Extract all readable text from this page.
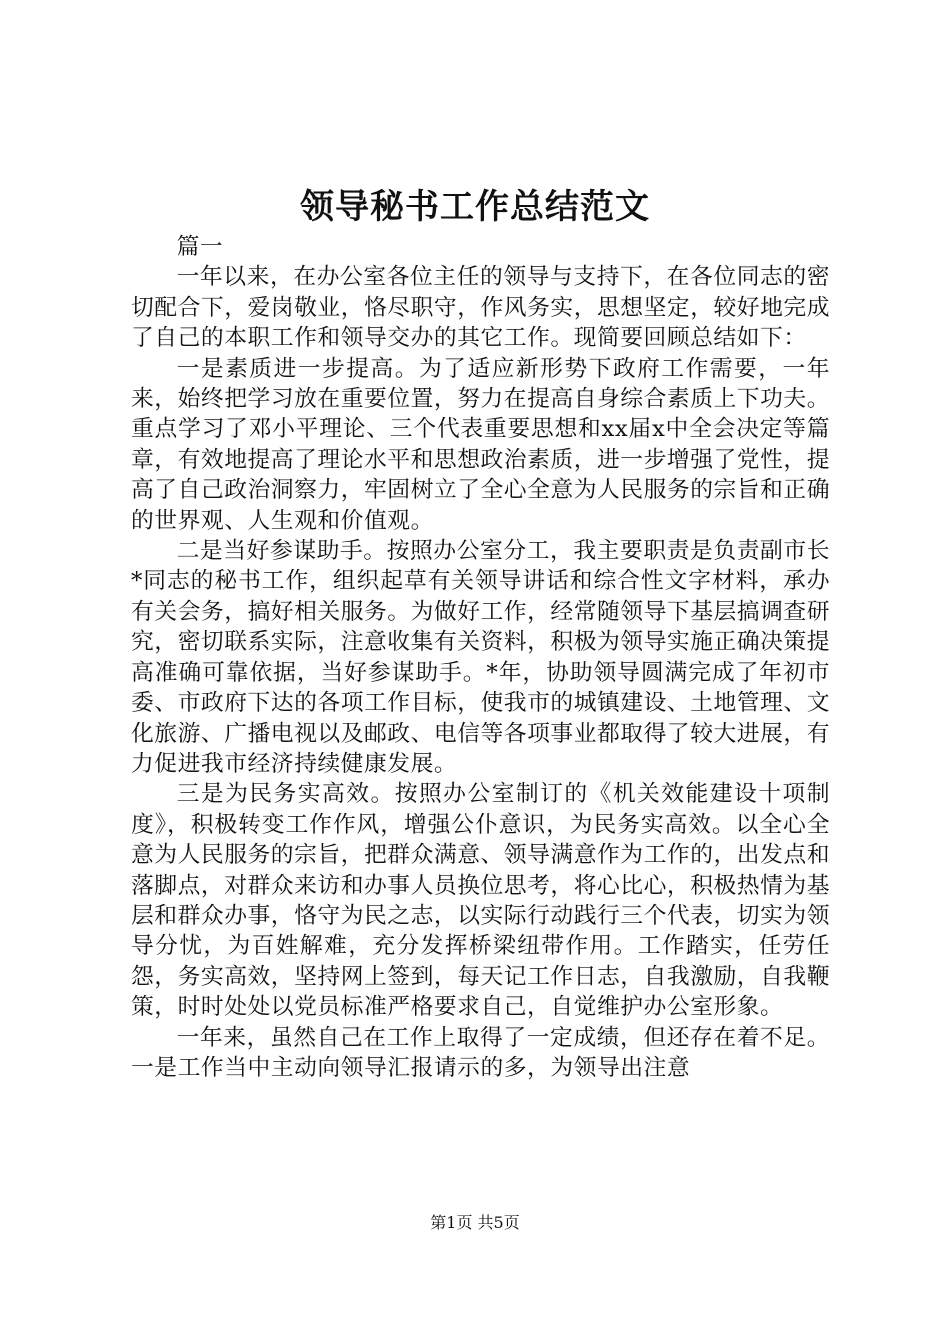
领导秘书工作总结范文

篇一

一年以来，在办公室各位主任的领导与支持下，在各位同志的密切配合下，爱岗敬业，恪尽职守，作风务实，思想坚定，较好地完成了自己的本职工作和领导交办的其它工作。现简要回顾总结如下：

一是素质进一步提高。为了适应新形势下政府工作需要，一年来，始终把学习放在重要位置，努力在提高自身综合素质上下功夫。重点学习了邓小平理论、三个代表重要思想和xx届x中全会决定等篇章，有效地提高了理论水平和思想政治素质，进一步增强了党性，提高了自己政治洞察力，牢固树立了全心全意为人民服务的宗旨和正确的世界观、人生观和价值观。

二是当好参谋助手。按照办公室分工，我主要职责是负责副市长*同志的秘书工作，组织起草有关领导讲话和综合性文字材料，承办有关会务，搞好相关服务。为做好工作，经常随领导下基层搞调查研究，密切联系实际，注意收集有关资料，积极为领导实施正确决策提高准确可靠依据，当好参谋助手。*年，协助领导圆满完成了年初市委、市政府下达的各项工作目标，使我市的城镇建设、土地管理、文化旅游、广播电视以及邮政、电信等各项事业都取得了较大进展，有力促进我市经济持续健康发展。

三是为民务实高效。按照办公室制订的《机关效能建设十项制度》，积极转变工作作风，增强公仆意识，为民务实高效。以全心全意为人民服务的宗旨，把群众满意、领导满意作为工作的，出发点和落脚点，对群众来访和办事人员换位思考，将心比心，积极热情为基层和群众办事，恪守为民之志，以实际行动践行三个代表，切实为领导分忧，为百姓解难，充分发挥桥梁纽带作用。工作踏实，任劳任怨，务实高效，坚持网上签到，每天记工作日志，自我激励，自我鞭策，时时处处以党员标准严格要求自己，自觉维护办公室形象。

一年来，虽然自己在工作上取得了一定成绩，但还存在着不足。一是工作当中主动向领导汇报请示的多，为领导出注意

第1页 共5页
